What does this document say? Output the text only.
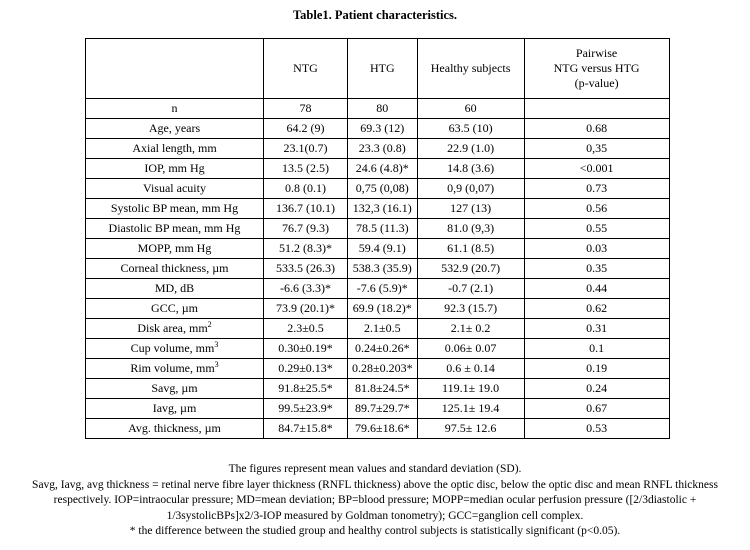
Table1. Patient characteristics.
	NTG	HTG	Healthy subjects	Pairwise
NTG versus HTG
(p-value)
n	78	80	60	
Age, years	64.2 (9)	69.3 (12)	63.5 (10)	0.68
Axial length, mm	23.1(0.7)	23.3 (0.8)	22.9 (1.0)	0,35
IOP, mm Hg	13.5 (2.5)	24.6 (4.8)*	14.8 (3.6)	<0.001
Visual acuity	0.8 (0.1)	0,75 (0,08)	0,9 (0,07)	0.73
Systolic BP mean, mm Hg	136.7 (10.1)	132,3 (16.1)	127 (13)	0.56
Diastolic BP mean, mm Hg	76.7 (9.3)	78.5 (11.3)	81.0 (9,3)	0.55
MOPP, mm Hg	51.2 (8.3)*	59.4 (9.1)	61.1 (8.5)	0.03
Corneal thickness, µm	533.5 (26.3)	538.3 (35.9)	532.9 (20.7)	0.35
MD, dB	-6.6 (3.3)*	-7.6 (5.9)*	-0.7 (2.1)	0.44
GCC, µm	73.9 (20.1)*	69.9 (18.2)*	92.3 (15.7)	0.62
Disk area, $mm^2$	2.3±0.5	2.1±0.5	2.1± 0.2	0.31
Cup volume, $mm^3$	0.30±0.19*	0.24±0.26*	0.06± 0.07	0.1
Rim volume, $mm^3$	0.29±0.13*	0.28±0.203*	0.6 ± 0.14	0.19
Savg, µm	91.8±25.5*	81.8±24.5*	119.1± 19.0	0.24
Iavg, µm	99.5±23.9*	89.7±29.7*	125.1± 19.4	0.67
Avg. thickness, µm	84.7±15.8*	79.6±18.6*	97.5± 12.6	0.53

The figures represent mean values and standard deviation (SD).

Savg, Iavg, avg thickness = retinal nerve fibre layer thickness (RNFL thickness) above the optic disc, below the optic disc and mean RNFL thickness respectively. IOP=intraocular pressure; MD=mean deviation; BP=blood pressure; MOPP=median ocular perfusion pressure ([2/3diastolic + 1/3systolicBPs]x2/3-IOP measured by Goldman tonometry); GCC=ganglion cell complex.

* the difference between the studied group and healthy control subjects is statistically significant (p<0.05).
